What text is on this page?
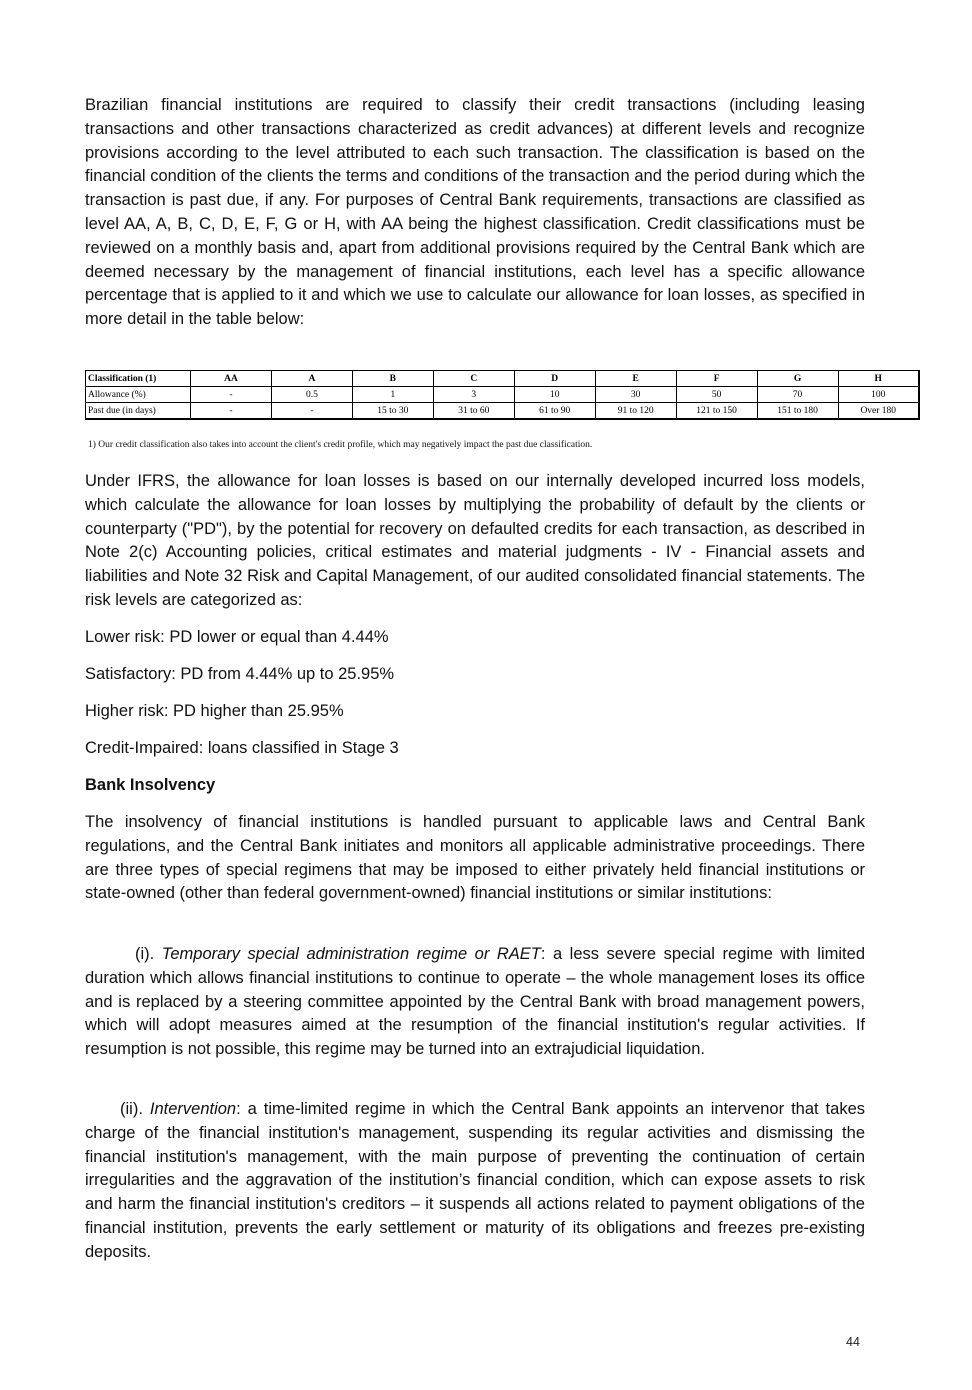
Brazilian financial institutions are required to classify their credit transactions (including leasing transactions and other transactions characterized as credit advances) at different levels and recognize provisions according to the level attributed to each such transaction. The classification is based on the financial condition of the clients the terms and conditions of the transaction and the period during which the transaction is past due, if any. For purposes of Central Bank requirements, transactions are classified as level AA, A, B, C, D, E, F, G or H, with AA being the highest classification. Credit classifications must be reviewed on a monthly basis and, apart from additional provisions required by the Central Bank which are deemed necessary by the management of financial institutions, each level has a specific allowance percentage that is applied to it and which we use to calculate our allowance for loan losses, as specified in more detail in the table below:

Classification (1)	AA	A	B	C	D	E	F	G	H
Allowance (%)	-	0.5	1	3	10	30	50	70	100
Past due (in days)	-	-	15 to 30	31 to 60	61 to 90	91 to 120	121 to 150	151 to 180	Over 180

1) Our credit classification also takes into account the client's credit profile, which may negatively impact the past due classification.

Under IFRS, the allowance for loan losses is based on our internally developed incurred loss models, which calculate the allowance for loan losses by multiplying the probability of default by the clients or counterparty ("PD"), by the potential for recovery on defaulted credits for each transaction, as described in Note 2(c) Accounting policies, critical estimates and material judgments - IV - Financial assets and liabilities and Note 32 Risk and Capital Management, of our audited consolidated financial statements. The risk levels are categorized as:

Lower risk: PD lower or equal than 4.44%

Satisfactory: PD from 4.44% up to 25.95%

Higher risk: PD higher than 25.95%

Credit-Impaired: loans classified in Stage 3

Bank Insolvency

The insolvency of financial institutions is handled pursuant to applicable laws and Central Bank regulations, and the Central Bank initiates and monitors all applicable administrative proceedings. There are three types of special regimens that may be imposed to either privately held financial institutions or state-owned (other than federal government-owned) financial institutions or similar institutions:

(i). Temporary special administration regime or RAET: a less severe special regime with limited duration which allows financial institutions to continue to operate – the whole management loses its office and is replaced by a steering committee appointed by the Central Bank with broad management powers, which will adopt measures aimed at the resumption of the financial institution's regular activities. If resumption is not possible, this regime may be turned into an extrajudicial liquidation.

(ii). Intervention: a time-limited regime in which the Central Bank appoints an intervenor that takes charge of the financial institution's management, suspending its regular activities and dismissing the financial institution's management, with the main purpose of preventing the continuation of certain irregularities and the aggravation of the institution’s financial condition, which can expose assets to risk and harm the financial institution's creditors – it suspends all actions related to payment obligations of the financial institution, prevents the early settlement or maturity of its obligations and freezes pre-existing deposits.

44
